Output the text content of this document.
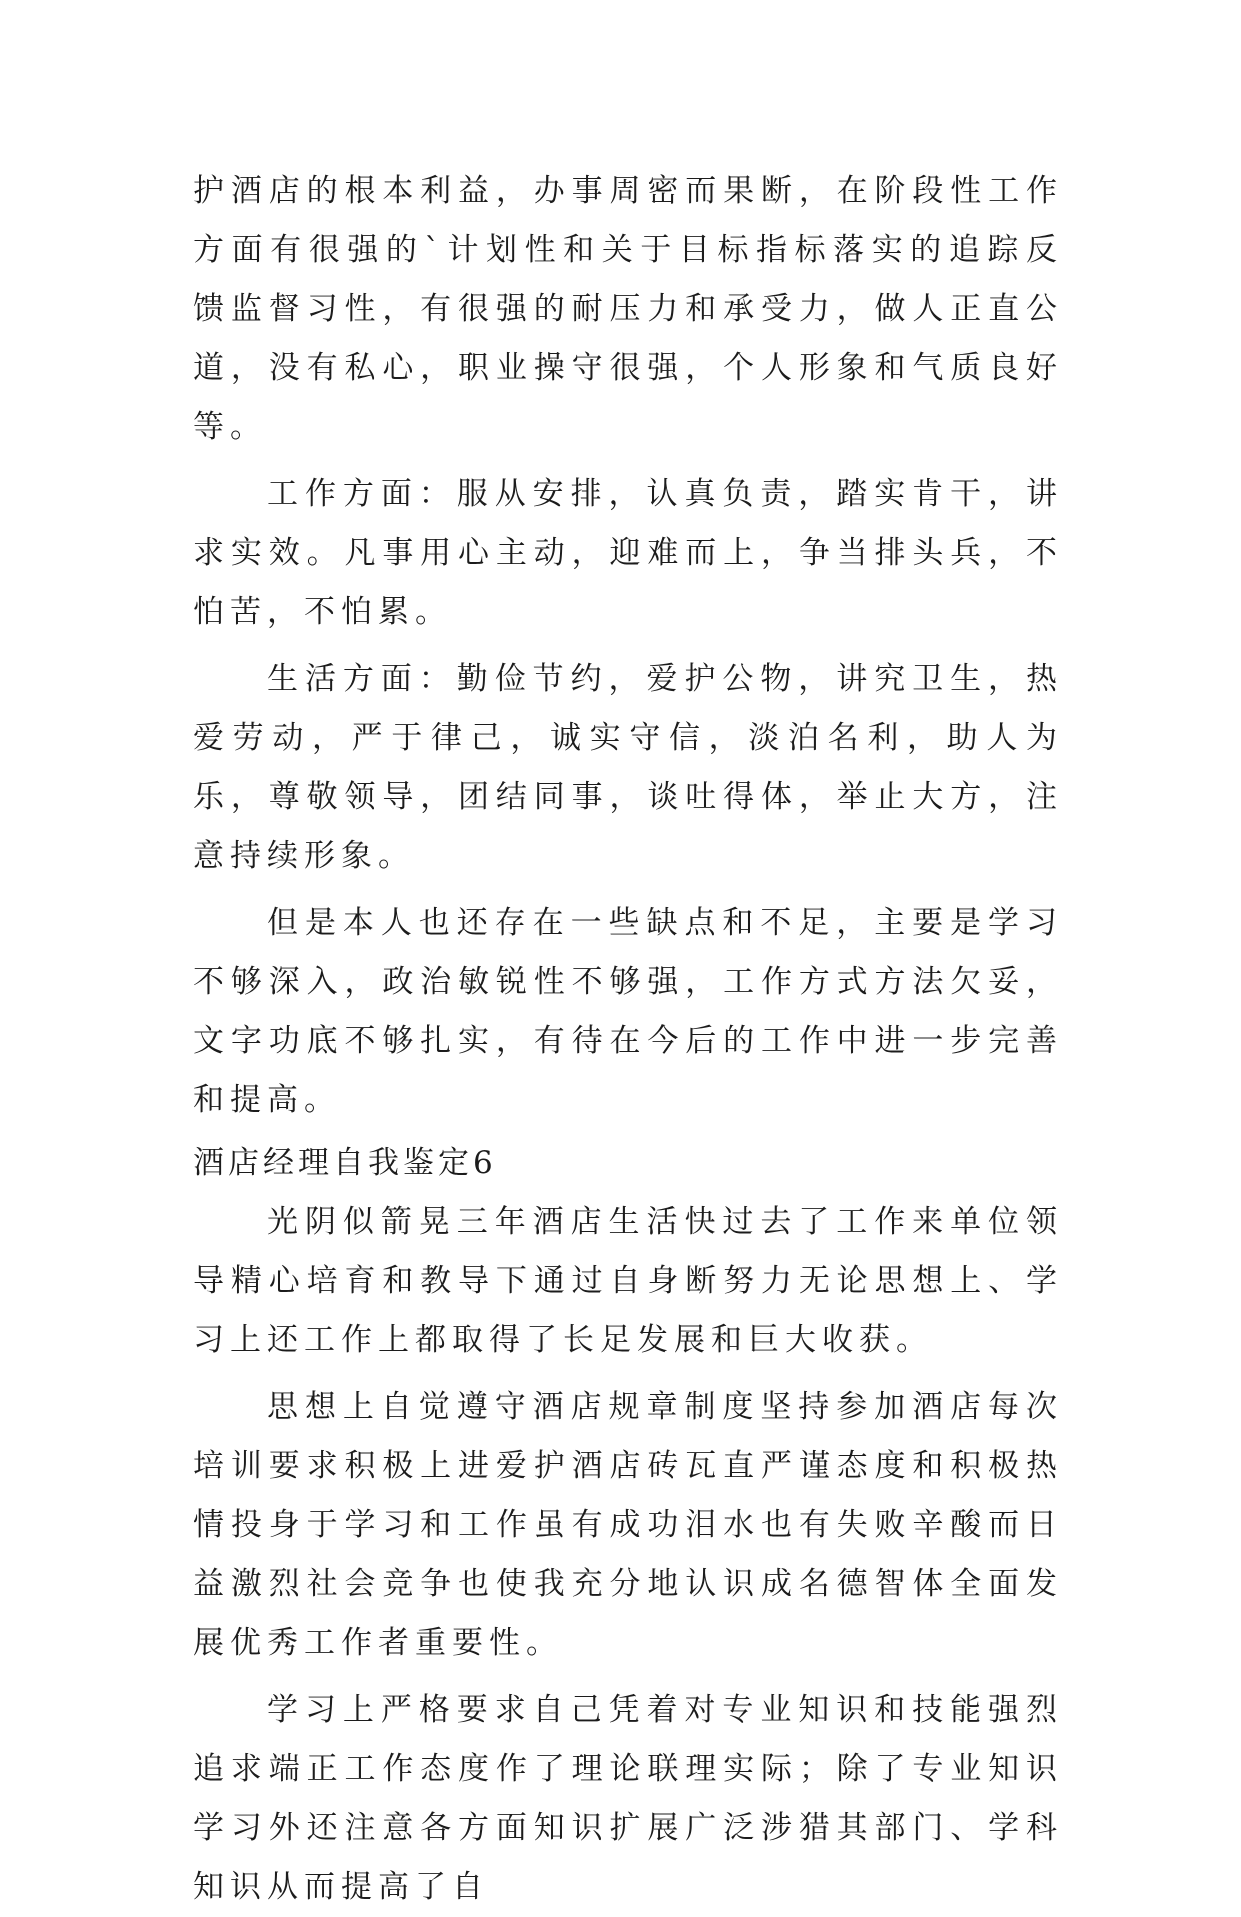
护酒店的根本利益，办事周密而果断，在阶段性工作方面有很强的`计划性和关于目标指标落实的追踪反馈监督习性，有很强的耐压力和承受力，做人正直公道，没有私心，职业操守很强，个人形象和气质良好等。

工作方面：服从安排，认真负责，踏实肯干，讲求实效。凡事用心主动，迎难而上，争当排头兵，不怕苦，不怕累。

生活方面：勤俭节约，爱护公物，讲究卫生，热爱劳动，严于律己，诚实守信，淡泊名利，助人为乐，尊敬领导，团结同事，谈吐得体，举止大方，注意持续形象。

但是本人也还存在一些缺点和不足，主要是学习不够深入，政治敏锐性不够强，工作方式方法欠妥，文字功底不够扎实，有待在今后的工作中进一步完善和提高。

酒店经理自我鉴定6

光阴似箭晃三年酒店生活快过去了工作来单位领导精心培育和教导下通过自身断努力无论思想上、学习上还工作上都取得了长足发展和巨大收获。

思想上自觉遵守酒店规章制度坚持参加酒店每次培训要求积极上进爱护酒店砖瓦直严谨态度和积极热情投身于学习和工作虽有成功泪水也有失败辛酸而日益激烈社会竞争也使我充分地认识成名德智体全面发展优秀工作者重要性。

学习上严格要求自己凭着对专业知识和技能强烈追求端正工作态度作了理论联理实际；除了专业知识学习外还注意各方面知识扩展广泛涉猎其部门、学科知识从而提高了自
